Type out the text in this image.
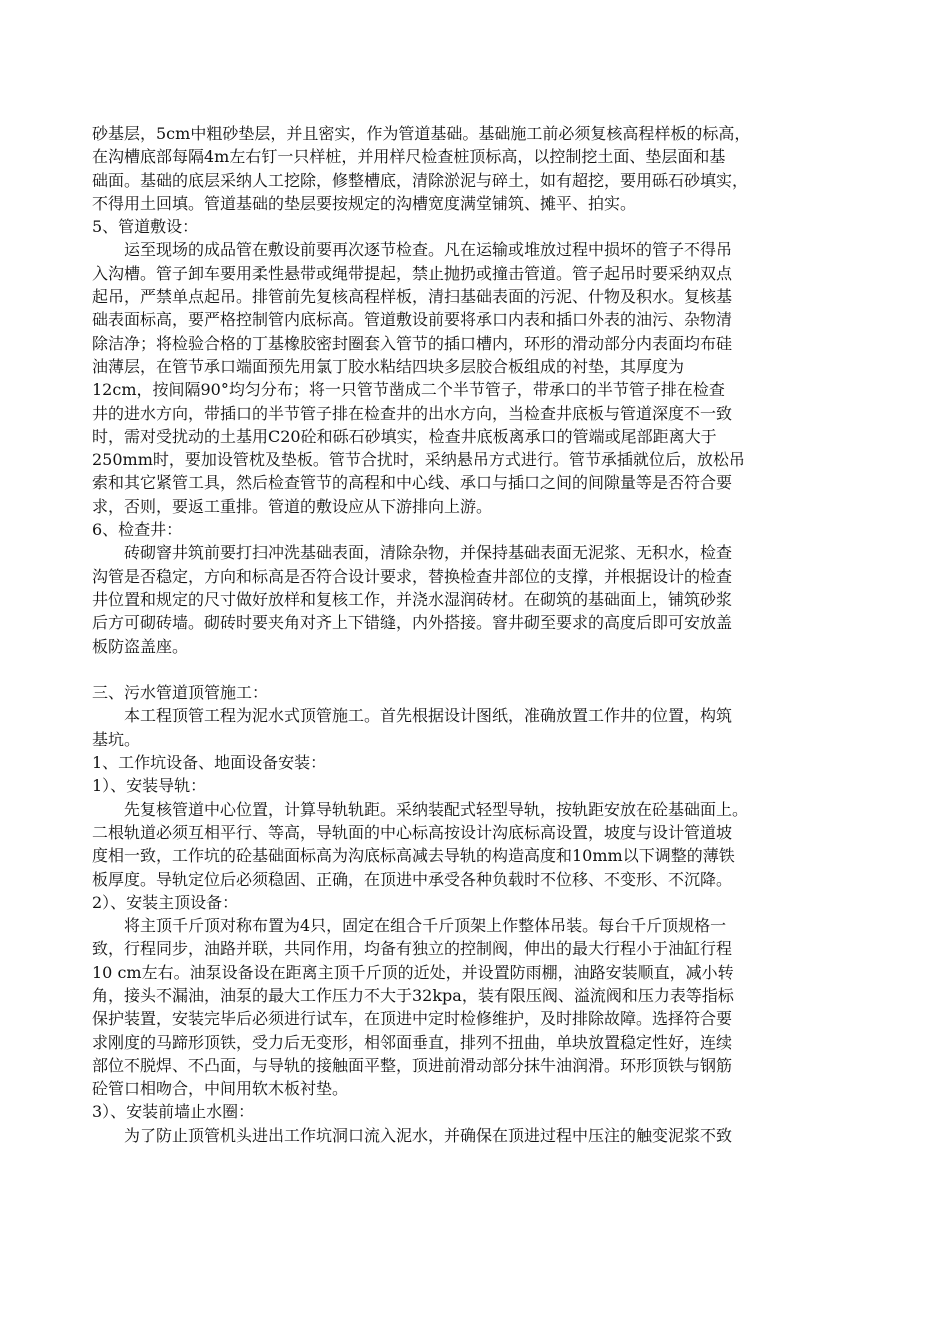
砂基层，5cm中粗砂垫层，并且密实，作为管道基础。基础施工前必须复核高程样板的标高，
在沟槽底部每隔4m左右钉一只样桩，并用样尺检查桩顶标高，以控制挖土面、垫层面和基
础面。基础的底层采纳人工挖除，修整槽底，清除淤泥与碎土，如有超挖，要用砾石砂填实，
不得用土回填。管道基础的垫层要按规定的沟槽宽度满堂铺筑、摊平、拍实。
5、管道敷设：
运至现场的成品管在敷设前要再次逐节检查。凡在运输或堆放过程中损坏的管子不得吊
入沟槽。管子卸车要用柔性悬带或绳带提起，禁止抛扔或撞击管道。管子起吊时要采纳双点
起吊，严禁单点起吊。排管前先复核高程样板，清扫基础表面的污泥、什物及积水。复核基
础表面标高，要严格控制管内底标高。管道敷设前要将承口内表和插口外表的油污、杂物清
除洁净；将检验合格的丁基橡胶密封圈套入管节的插口槽内，环形的滑动部分内表面均布硅
油薄层，在管节承口端面预先用氯丁胶水粘结四块多层胶合板组成的衬垫，其厚度为
12cm，按间隔90°均匀分布；将一只管节凿成二个半节管子，带承口的半节管子排在检查
井的进水方向，带插口的半节管子排在检查井的出水方向，当检查井底板与管道深度不一致
时，需对受扰动的土基用C20砼和砾石砂填实，检查井底板离承口的管端或尾部距离大于
250mm时，要加设管枕及垫板。管节合扰时，采纳悬吊方式进行。管节承插就位后，放松吊
索和其它紧管工具，然后检查管节的高程和中心线、承口与插口之间的间隙量等是否符合要
求，否则，要返工重排。管道的敷设应从下游排向上游。
6、检查井：
砖砌窨井筑前要打扫冲洗基础表面，清除杂物，并保持基础表面无泥浆、无积水，检查
沟管是否稳定，方向和标高是否符合设计要求，替换检查井部位的支撑，并根据设计的检查
井位置和规定的尺寸做好放样和复核工作，并浇水湿润砖材。在砌筑的基础面上，铺筑砂浆
后方可砌砖墙。砌砖时要夹角对齐上下错缝，内外搭接。窨井砌至要求的高度后即可安放盖
板防盗盖座。
三、污水管道顶管施工：
本工程顶管工程为泥水式顶管施工。首先根据设计图纸，准确放置工作井的位置，构筑
基坑。
1、工作坑设备、地面设备安装：
1）、安装导轨：
先复核管道中心位置，计算导轨轨距。采纳装配式轻型导轨，按轨距安放在砼基础面上。
二根轨道必须互相平行、等高，导轨面的中心标高按设计沟底标高设置，坡度与设计管道坡
度相一致，工作坑的砼基础面标高为沟底标高减去导轨的构造高度和10mm以下调整的薄铁
板厚度。导轨定位后必须稳固、正确，在顶进中承受各种负载时不位移、不变形、不沉降。
2）、安装主顶设备：
将主顶千斤顶对称布置为4只，固定在组合千斤顶架上作整体吊装。每台千斤顶规格一
致，行程同步，油路并联，共同作用，均备有独立的控制阀，伸出的最大行程小于油缸行程
10 cm左右。油泵设备设在距离主顶千斤顶的近处，并设置防雨棚，油路安装顺直，减小转
角，接头不漏油，油泵的最大工作压力不大于32kpa，装有限压阀、溢流阀和压力表等指标
保护装置，安装完毕后必须进行试车，在顶进中定时检修维护，及时排除故障。选择符合要
求刚度的马蹄形顶铁，受力后无变形，相邻面垂直，排列不扭曲，单块放置稳定性好，连续
部位不脱焊、不凸面，与导轨的接触面平整，顶进前滑动部分抹牛油润滑。环形顶铁与钢筋
砼管口相吻合，中间用软木板衬垫。
3）、安装前墙止水圈：
为了防止顶管机头进出工作坑洞口流入泥水，并确保在顶进过程中压注的触变泥浆不致
